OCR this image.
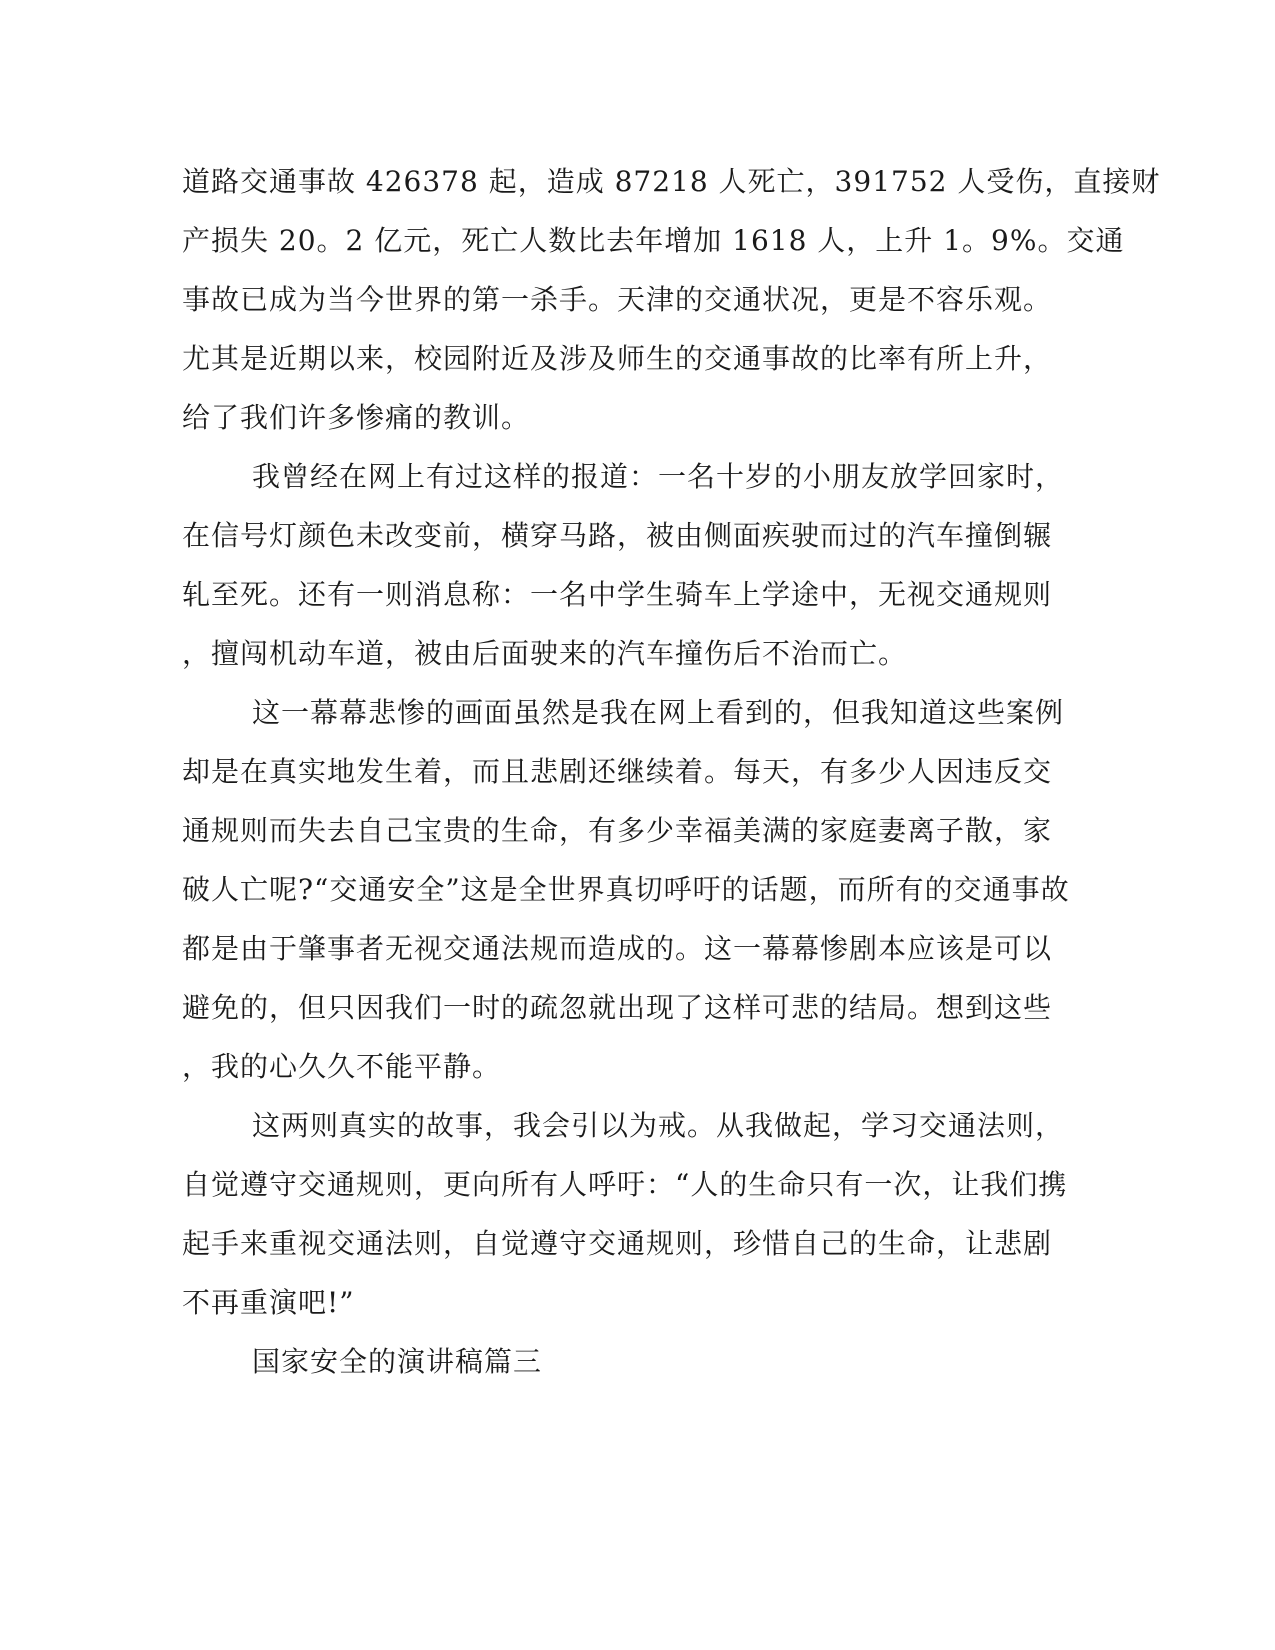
道路交通事故 426378 起，造成 87218 人死亡，391752 人受伤，直接财
产损失 20。2 亿元，死亡人数比去年增加 1618 人，上升 1。9%。交通
事故已成为当今世界的第一杀手。天津的交通状况，更是不容乐观。
尤其是近期以来，校园附近及涉及师生的交通事故的比率有所上升，
给了我们许多惨痛的教训。
我曾经在网上有过这样的报道：一名十岁的小朋友放学回家时，
在信号灯颜色未改变前，横穿马路，被由侧面疾驶而过的汽车撞倒辗
轧至死。还有一则消息称：一名中学生骑车上学途中，无视交通规则
，擅闯机动车道，被由后面驶来的汽车撞伤后不治而亡。
这一幕幕悲惨的画面虽然是我在网上看到的，但我知道这些案例
却是在真实地发生着，而且悲剧还继续着。每天，有多少人因违反交
通规则而失去自己宝贵的生命，有多少幸福美满的家庭妻离子散，家
破人亡呢?“交通安全”这是全世界真切呼吁的话题，而所有的交通事故
都是由于肇事者无视交通法规而造成的。这一幕幕惨剧本应该是可以
避免的，但只因我们一时的疏忽就出现了这样可悲的结局。想到这些
，我的心久久不能平静。
这两则真实的故事，我会引以为戒。从我做起，学习交通法则，
自觉遵守交通规则，更向所有人呼吁：“人的生命只有一次，让我们携
起手来重视交通法则，自觉遵守交通规则，珍惜自己的生命，让悲剧
不再重演吧!”
国家安全的演讲稿篇三
